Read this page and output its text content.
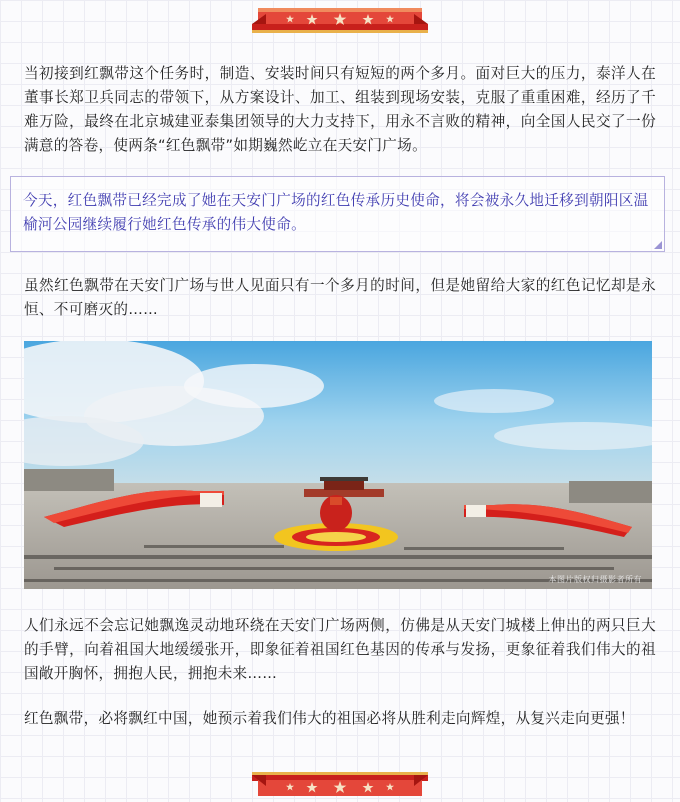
当初接到红飘带这个任务时，制造、安装时间只有短短的两个多月。面对巨大的压力，泰洋人在董事长郑卫兵同志的带领下，从方案设计、加工、组装到现场安装，克服了重重困难，经历了千难万险，最终在北京城建亚泰集团领导的大力支持下，用永不言败的精神，向全国人民交了一份满意的答卷，使两条“红色飘带”如期巍然屹立在天安门广场。

今天，红色飘带已经完成了她在天安门广场的红色传承历史使命，将会被永久地迁移到朝阳区温榆河公园继续履行她红色传承的伟大使命。

虽然红色飘带在天安门广场与世人见面只有一个多月的时间，但是她留给大家的红色记忆却是永恒、不可磨灭的……

本图片版权归摄影者所有

人们永远不会忘记她飘逸灵动地环绕在天安门广场两侧，仿佛是从天安门城楼上伸出的两只巨大的手臂，向着祖国大地缓缓张开，即象征着祖国红色基因的传承与发扬，更象征着我们伟大的祖国敞开胸怀，拥抱人民，拥抱未来……

红色飘带，必将飘红中国，她预示着我们伟大的祖国必将从胜利走向辉煌，从复兴走向更强！
